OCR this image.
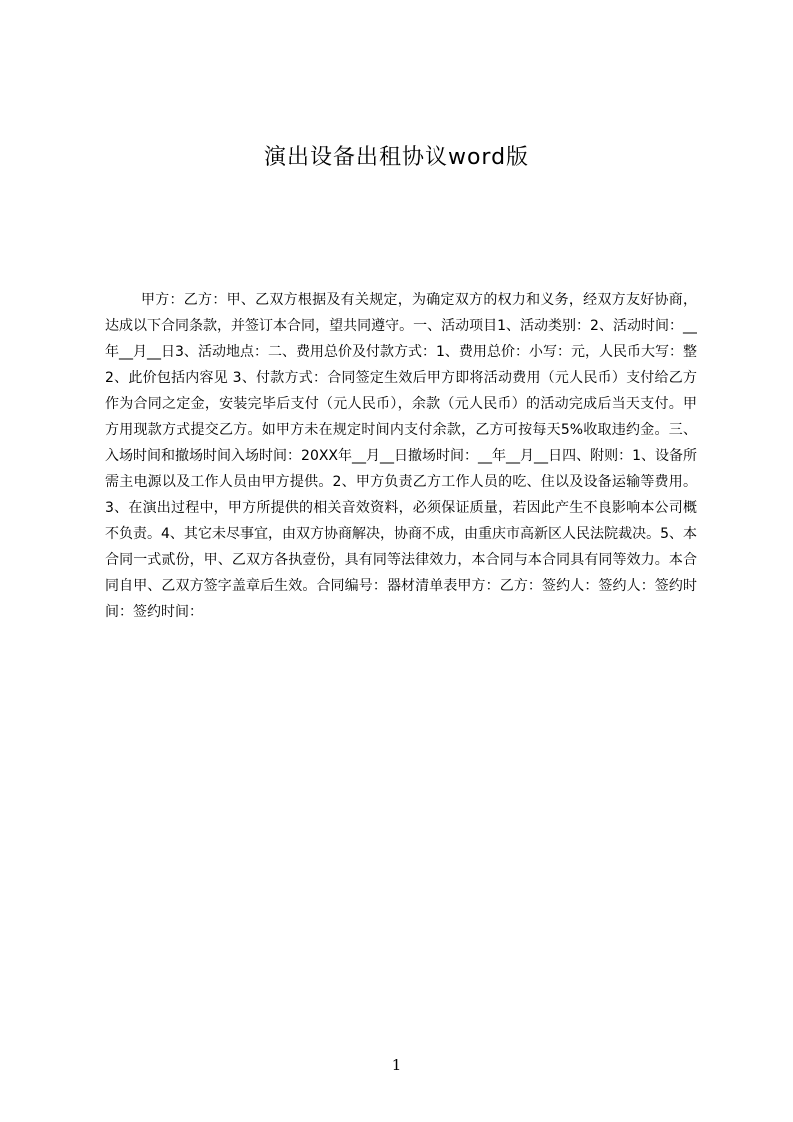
演出设备出租协议word版

甲方：乙方：甲、乙双方根据及有关规定，为确定双方的权力和义务，经双方友好协商，达成以下合同条款，并签订本合同，望共同遵守。一、活动项目1、活动类别：2、活动时间：__年__月__日3、活动地点：二、费用总价及付款方式：1、费用总价：小写：元，人民币大写：整2、此价包括内容见 3、付款方式：合同签定生效后甲方即将活动费用（元人民币）支付给乙方作为合同之定金，安装完毕后支付（元人民币），余款（元人民币）的活动完成后当天支付。甲方用现款方式提交乙方。如甲方未在规定时间内支付余款，乙方可按每天5%收取违约金。三、入场时间和撤场时间入场时间：20XX年__月__日撤场时间：__年__月__日四、附则：1、设备所需主电源以及工作人员由甲方提供。2、甲方负责乙方工作人员的吃、住以及设备运输等费用。3、在演出过程中，甲方所提供的相关音效资料，必须保证质量，若因此产生不良影响本公司概不负责。4、其它未尽事宜，由双方协商解决，协商不成，由重庆市高新区人民法院裁决。5、本合同一式贰份，甲、乙双方各执壹份，具有同等法律效力，本合同与本合同具有同等效力。本合同自甲、乙双方签字盖章后生效。合同编号：器材清单表甲方：乙方：签约人：签约人：签约时间：签约时间：

1
